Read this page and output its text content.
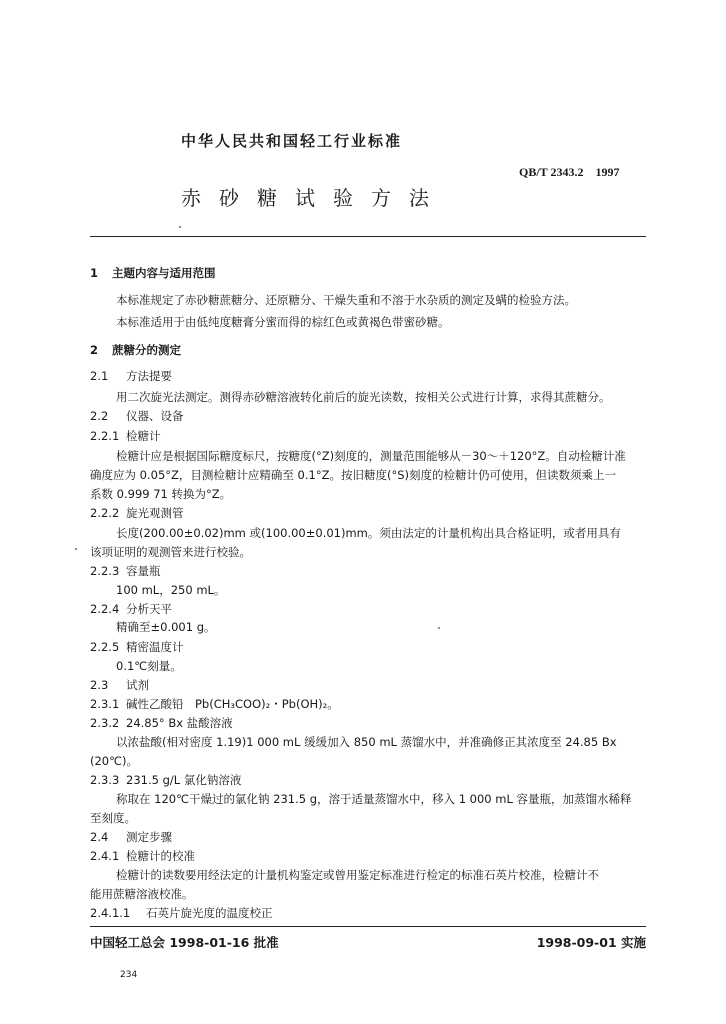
中华人民共和国轻工行业标准
QB/T 2343.2　1997
赤砂糖试验方法
1 主题内容与适用范围
本标准规定了赤砂糖蔗糖分、还原糖分、干燥失重和不溶于水杂质的测定及螨的检验方法。
本标准适用于由低纯度糖膏分蜜而得的棕红色或黄褐色带蜜砂糖。
2 蔗糖分的测定
2.1 方法提要
用二次旋光法测定。测得赤砂糖溶液转化前后的旋光读数，按相关公式进行计算，求得其蔗糖分。
2.2 仪器、设备
2.2.1 检糖计
检糖计应是根据国际糖度标尺，按糖度(°Z)刻度的，测量范围能够从－30～＋120°Z。自动检糖计准
确度应为 0.05°Z，目测检糖计应精确至 0.1°Z。按旧糖度(°S)刻度的检糖计仍可使用，但读数须乘上一
系数 0.999 71 转换为°Z。
2.2.2 旋光观测管
长度(200.00±0.02)mm 或(100.00±0.01)mm。须由法定的计量机构出具合格证明，或者用具有
该项证明的观测管来进行校验。
2.2.3 容量瓶
100 mL，250 mL。
2.2.4 分析天平
精确至±0.001 g。
2.2.5 精密温度计
0.1℃刻量。
2.3 试剂
2.3.1 碱性乙酸铅　Pb(CH₃COO)₂・Pb(OH)₂。
2.3.2 24.85° Bx 盐酸溶液
以浓盐酸(相对密度 1.19)1 000 mL 缓缓加入 850 mL 蒸馏水中，并准确修正其浓度至 24.85 Bx
(20℃)。
2.3.3 231.5 g/L 氯化钠溶液
称取在 120℃干燥过的氯化钠 231.5 g，溶于适量蒸馏水中，移入 1 000 mL 容量瓶，加蒸馏水稀释
至刻度。
2.4 测定步骤
2.4.1 检糖计的校准
检糖计的读数要用经法定的计量机构鉴定或曾用鉴定标准进行检定的标准石英片校准，检糖计不
能用蔗糖溶液校准。
2.4.1.1 石英片旋光度的温度校正
中国轻工总会 1998-01-16 批准	1998-09-01 实施
234
